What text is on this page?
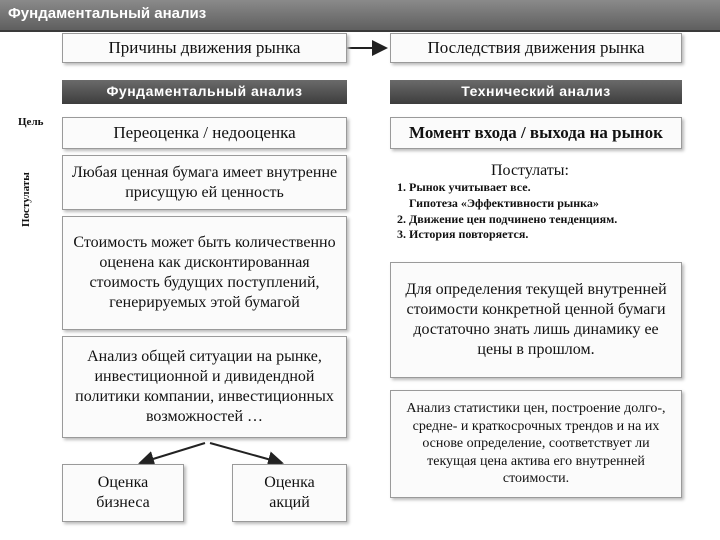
Фундаментальный анализ
Причины движения рынка	Последствия движения рынка
Фундаментальный анализ	Технический анализ
Цель
Постулаты
Переоценка / недооценка	Момент входа / выхода на рынок
Любая ценная бумага имеет внутренне присущую ей ценность
Стоимость может быть количественно оценена как дисконтированная стоимость будущих поступлений, генерируемых этой бумагой
Анализ общей ситуации на рынке, инвестиционной и дивидендной политики компании, инвестиционных возможностей …
Постулаты:
1. Рынок учитывает все.
Гипотеза «Эффективности рынка»
2. Движение цен подчинено тенденциям.
3. История повторяется.
Для определения текущей внутренней стоимости конкретной ценной бумаги достаточно знать лишь динамику ее цены в прошлом.
Анализ статистики цен, построение долго-, средне- и краткосрочных трендов и на их основе определение, соответствует ли текущая цена актива его внутренней стоимости.
Оценка бизнеса
Оценка акций
